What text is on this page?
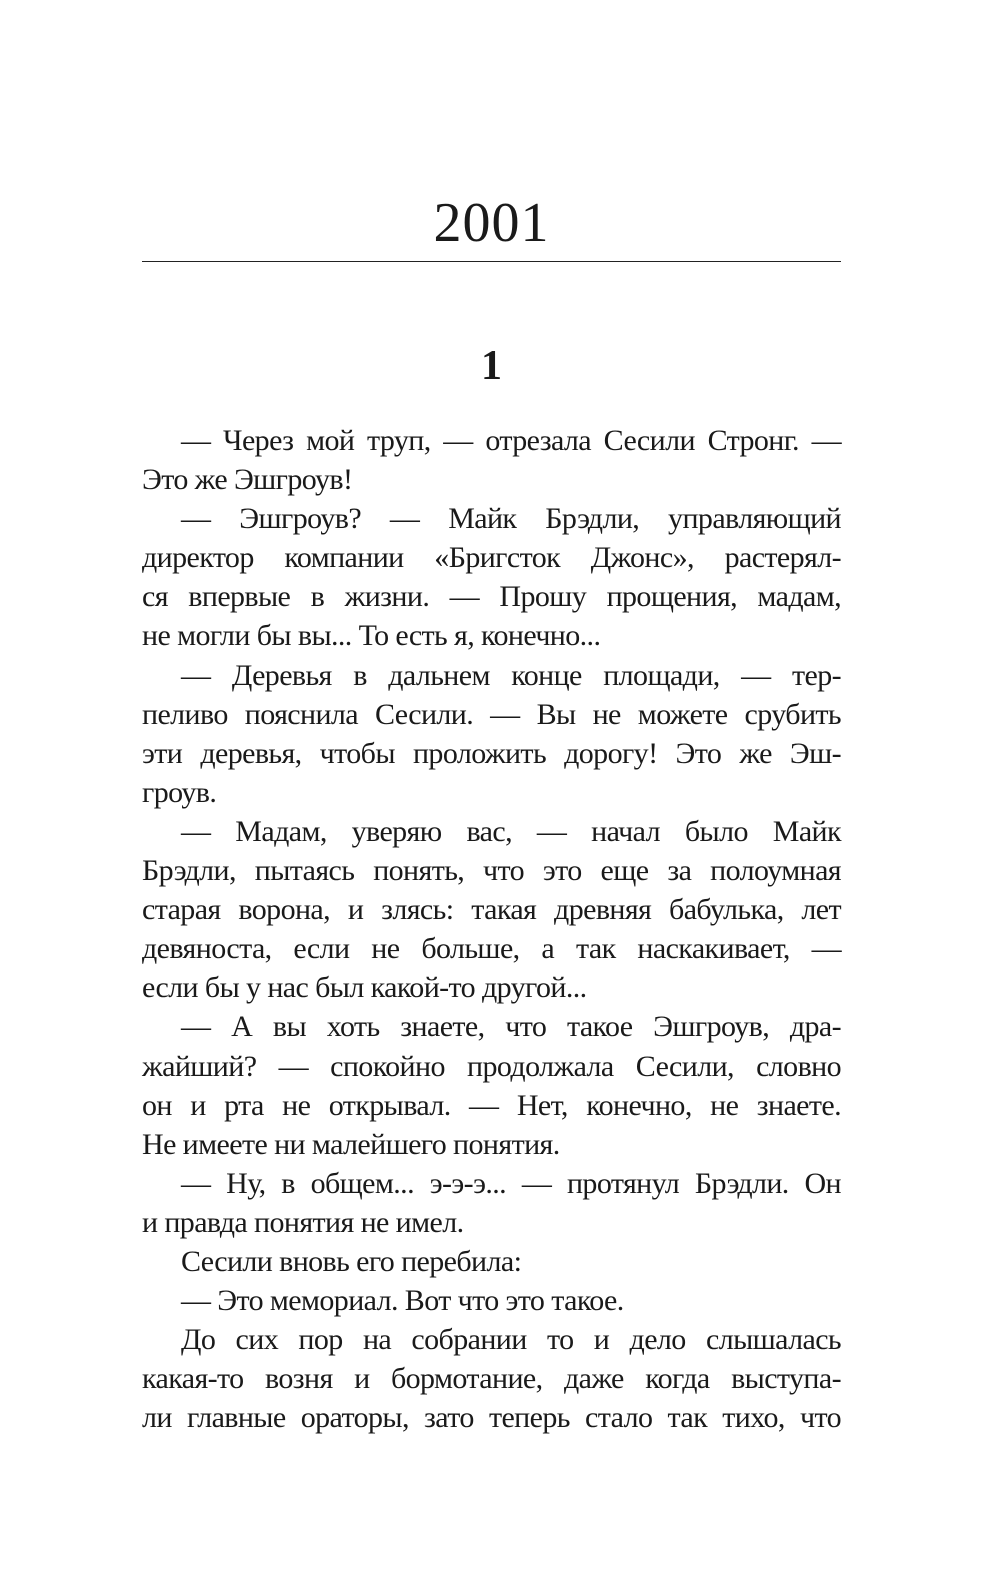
2001
1
— Через мой труп, — отрезала Сесили Стронг. —
Это же Эшгроув!
— Эшгроув? — Майк Брэдли, управляющий
директор компании «Бригсток Джонс», растерял-
ся впервые в жизни. — Прошу прощения, мадам,
не могли бы вы... То есть я, конечно...
— Деревья в дальнем конце площади, — тер-
пеливо пояснила Сесили. — Вы не можете срубить
эти деревья, чтобы проложить дорогу! Это же Эш-
гроув.
— Мадам, уверяю вас, — начал было Майк
Брэдли, пытаясь понять, что это еще за полоумная
старая ворона, и злясь: такая древняя бабулька, лет
девяноста, если не больше, а так наскакивает, —
если бы у нас был какой-то другой...
— А вы хоть знаете, что такое Эшгроув, дра-
жайший? — спокойно продолжала Сесили, словно
он и рта не открывал. — Нет, конечно, не знаете.
Не имеете ни малейшего понятия.
— Ну, в общем... э-э-э... — протянул Брэдли. Он
и правда понятия не имел.
Сесили вновь его перебила:
— Это мемориал. Вот что это такое.
До сих пор на собрании то и дело слышалась
какая-то возня и бормотание, даже когда выступа-
ли главные ораторы, зато теперь стало так тихо, что
